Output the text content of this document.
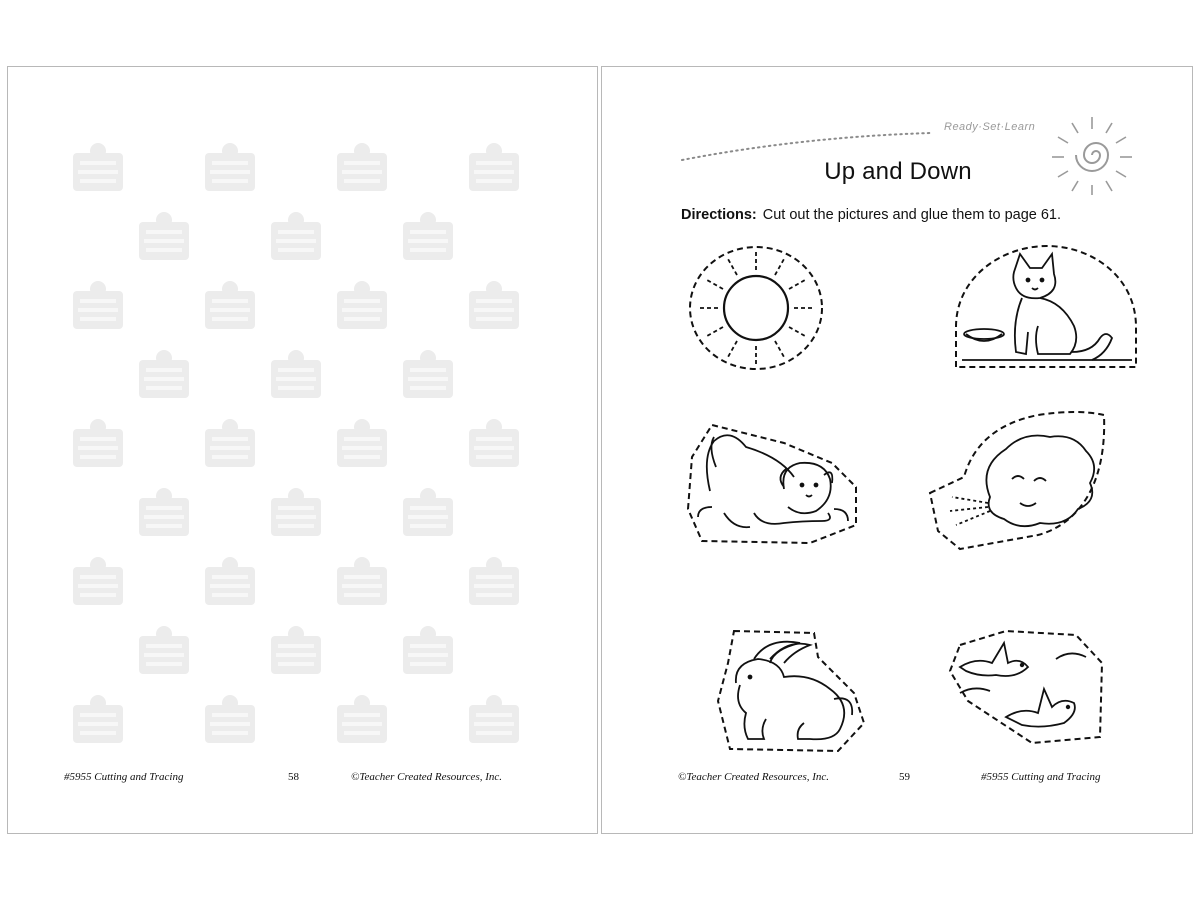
#5955 Cutting and Tracing	58	©Teacher Created Resources, Inc.
Ready·Set·Learn
Up and Down
Directions: Cut out the pictures and glue them to page 61.
©Teacher Created Resources, Inc.	59	#5955 Cutting and Tracing
